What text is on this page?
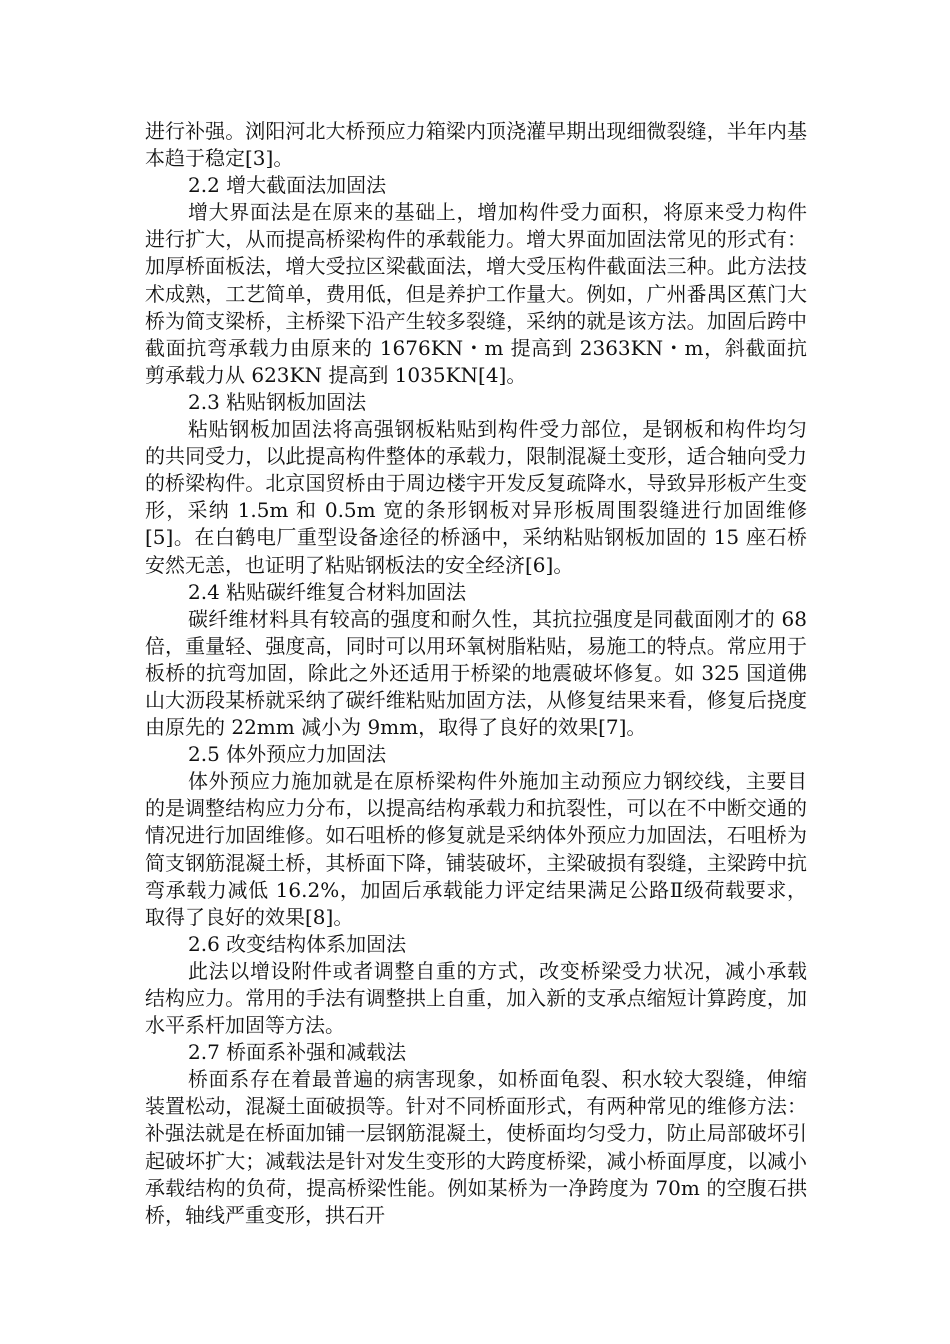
进行补强。浏阳河北大桥预应力箱梁内顶浇灌早期出现细微裂缝，半年内基本趋于稳定[3]。

2.2 增大截面法加固法

增大界面法是在原来的基础上，增加构件受力面积，将原来受力构件进行扩大，从而提高桥梁构件的承载能力。增大界面加固法常见的形式有：加厚桥面板法，增大受拉区梁截面法，增大受压构件截面法三种。此方法技术成熟，工艺简单，费用低，但是养护工作量大。例如，广州番禺区蕉门大桥为简支梁桥，主桥梁下沿产生较多裂缝，采纳的就是该方法。加固后跨中截面抗弯承载力由原来的 1676KN・m 提高到 2363KN・m，斜截面抗剪承载力从 623KN 提高到 1035KN[4]。

2.3 粘贴钢板加固法

粘贴钢板加固法将高强钢板粘贴到构件受力部位，是钢板和构件均匀的共同受力，以此提高构件整体的承载力，限制混凝土变形，适合轴向受力的桥梁构件。北京国贸桥由于周边楼宇开发反复疏降水，导致异形板产生变形，采纳 1.5m 和 0.5m 宽的条形钢板对异形板周围裂缝进行加固维修[5]。在白鹤电厂重型设备途径的桥涵中，采纳粘贴钢板加固的 15 座石桥安然无恙，也证明了粘贴钢板法的安全经济[6]。

2.4 粘贴碳纤维复合材料加固法

碳纤维材料具有较高的强度和耐久性，其抗拉强度是同截面刚才的 68 倍，重量轻、强度高，同时可以用环氧树脂粘贴，易施工的特点。常应用于板桥的抗弯加固，除此之外还适用于桥梁的地震破坏修复。如 325 国道佛山大沥段某桥就采纳了碳纤维粘贴加固方法，从修复结果来看，修复后挠度由原先的 22mm 减小为 9mm，取得了良好的效果[7]。

2.5 体外预应力加固法

体外预应力施加就是在原桥梁构件外施加主动预应力钢绞线，主要目的是调整结构应力分布，以提高结构承载力和抗裂性，可以在不中断交通的情况进行加固维修。如石咀桥的修复就是采纳体外预应力加固法，石咀桥为简支钢筋混凝土桥，其桥面下降，铺装破坏，主梁破损有裂缝，主梁跨中抗弯承载力减低 16.2%，加固后承载能力评定结果满足公路Ⅱ级荷载要求，取得了良好的效果[8]。

2.6 改变结构体系加固法

此法以增设附件或者调整自重的方式，改变桥梁受力状况，减小承载结构应力。常用的手法有调整拱上自重，加入新的支承点缩短计算跨度，加水平系杆加固等方法。

2.7 桥面系补强和减载法

桥面系存在着最普遍的病害现象，如桥面龟裂、积水较大裂缝，伸缩装置松动，混凝土面破损等。针对不同桥面形式，有两种常见的维修方法：补强法就是在桥面加铺一层钢筋混凝土，使桥面均匀受力，防止局部破坏引起破坏扩大；减载法是针对发生变形的大跨度桥梁，减小桥面厚度，以减小承载结构的负荷，提高桥梁性能。例如某桥为一净跨度为 70m 的空腹石拱桥，轴线严重变形，拱石开
